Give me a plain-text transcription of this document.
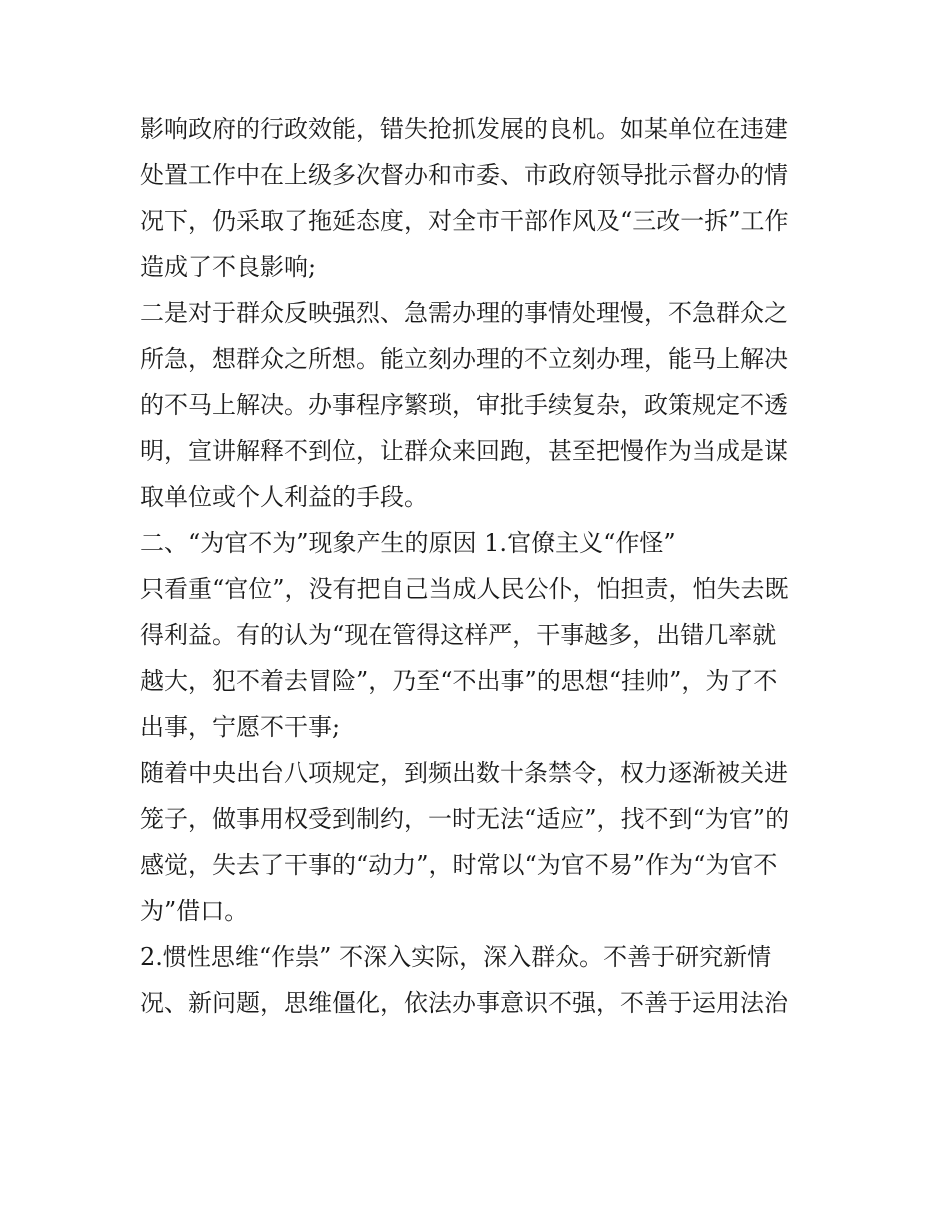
影响政府的行政效能，错失抢抓发展的良机。如某单位在违建
处置工作中在上级多次督办和市委、市政府领导批示督办的情
况下，仍采取了拖延态度，对全市干部作风及“三改一拆”工作
造成了不良影响;
二是对于群众反映强烈、急需办理的事情处理慢，不急群众之
所急，想群众之所想。能立刻办理的不立刻办理，能马上解决
的不马上解决。办事程序繁琐，审批手续复杂，政策规定不透
明，宣讲解释不到位，让群众来回跑，甚至把慢作为当成是谋
取单位或个人利益的手段。
二、“为官不为”现象产生的原因 1.官僚主义“作怪”
只看重“官位”，没有把自己当成人民公仆，怕担责，怕失去既
得利益。有的认为“现在管得这样严，干事越多，出错几率就
越大，犯不着去冒险”，乃至“不出事”的思想“挂帅”，为了不
出事，宁愿不干事;
随着中央出台八项规定，到频出数十条禁令，权力逐渐被关进
笼子，做事用权受到制约，一时无法“适应”，找不到“为官”的
感觉，失去了干事的“动力”，时常以“为官不易”作为“为官不
为”借口。
2.惯性思维“作祟” 不深入实际，深入群众。不善于研究新情
况、新问题，思维僵化，依法办事意识不强，不善于运用法治
